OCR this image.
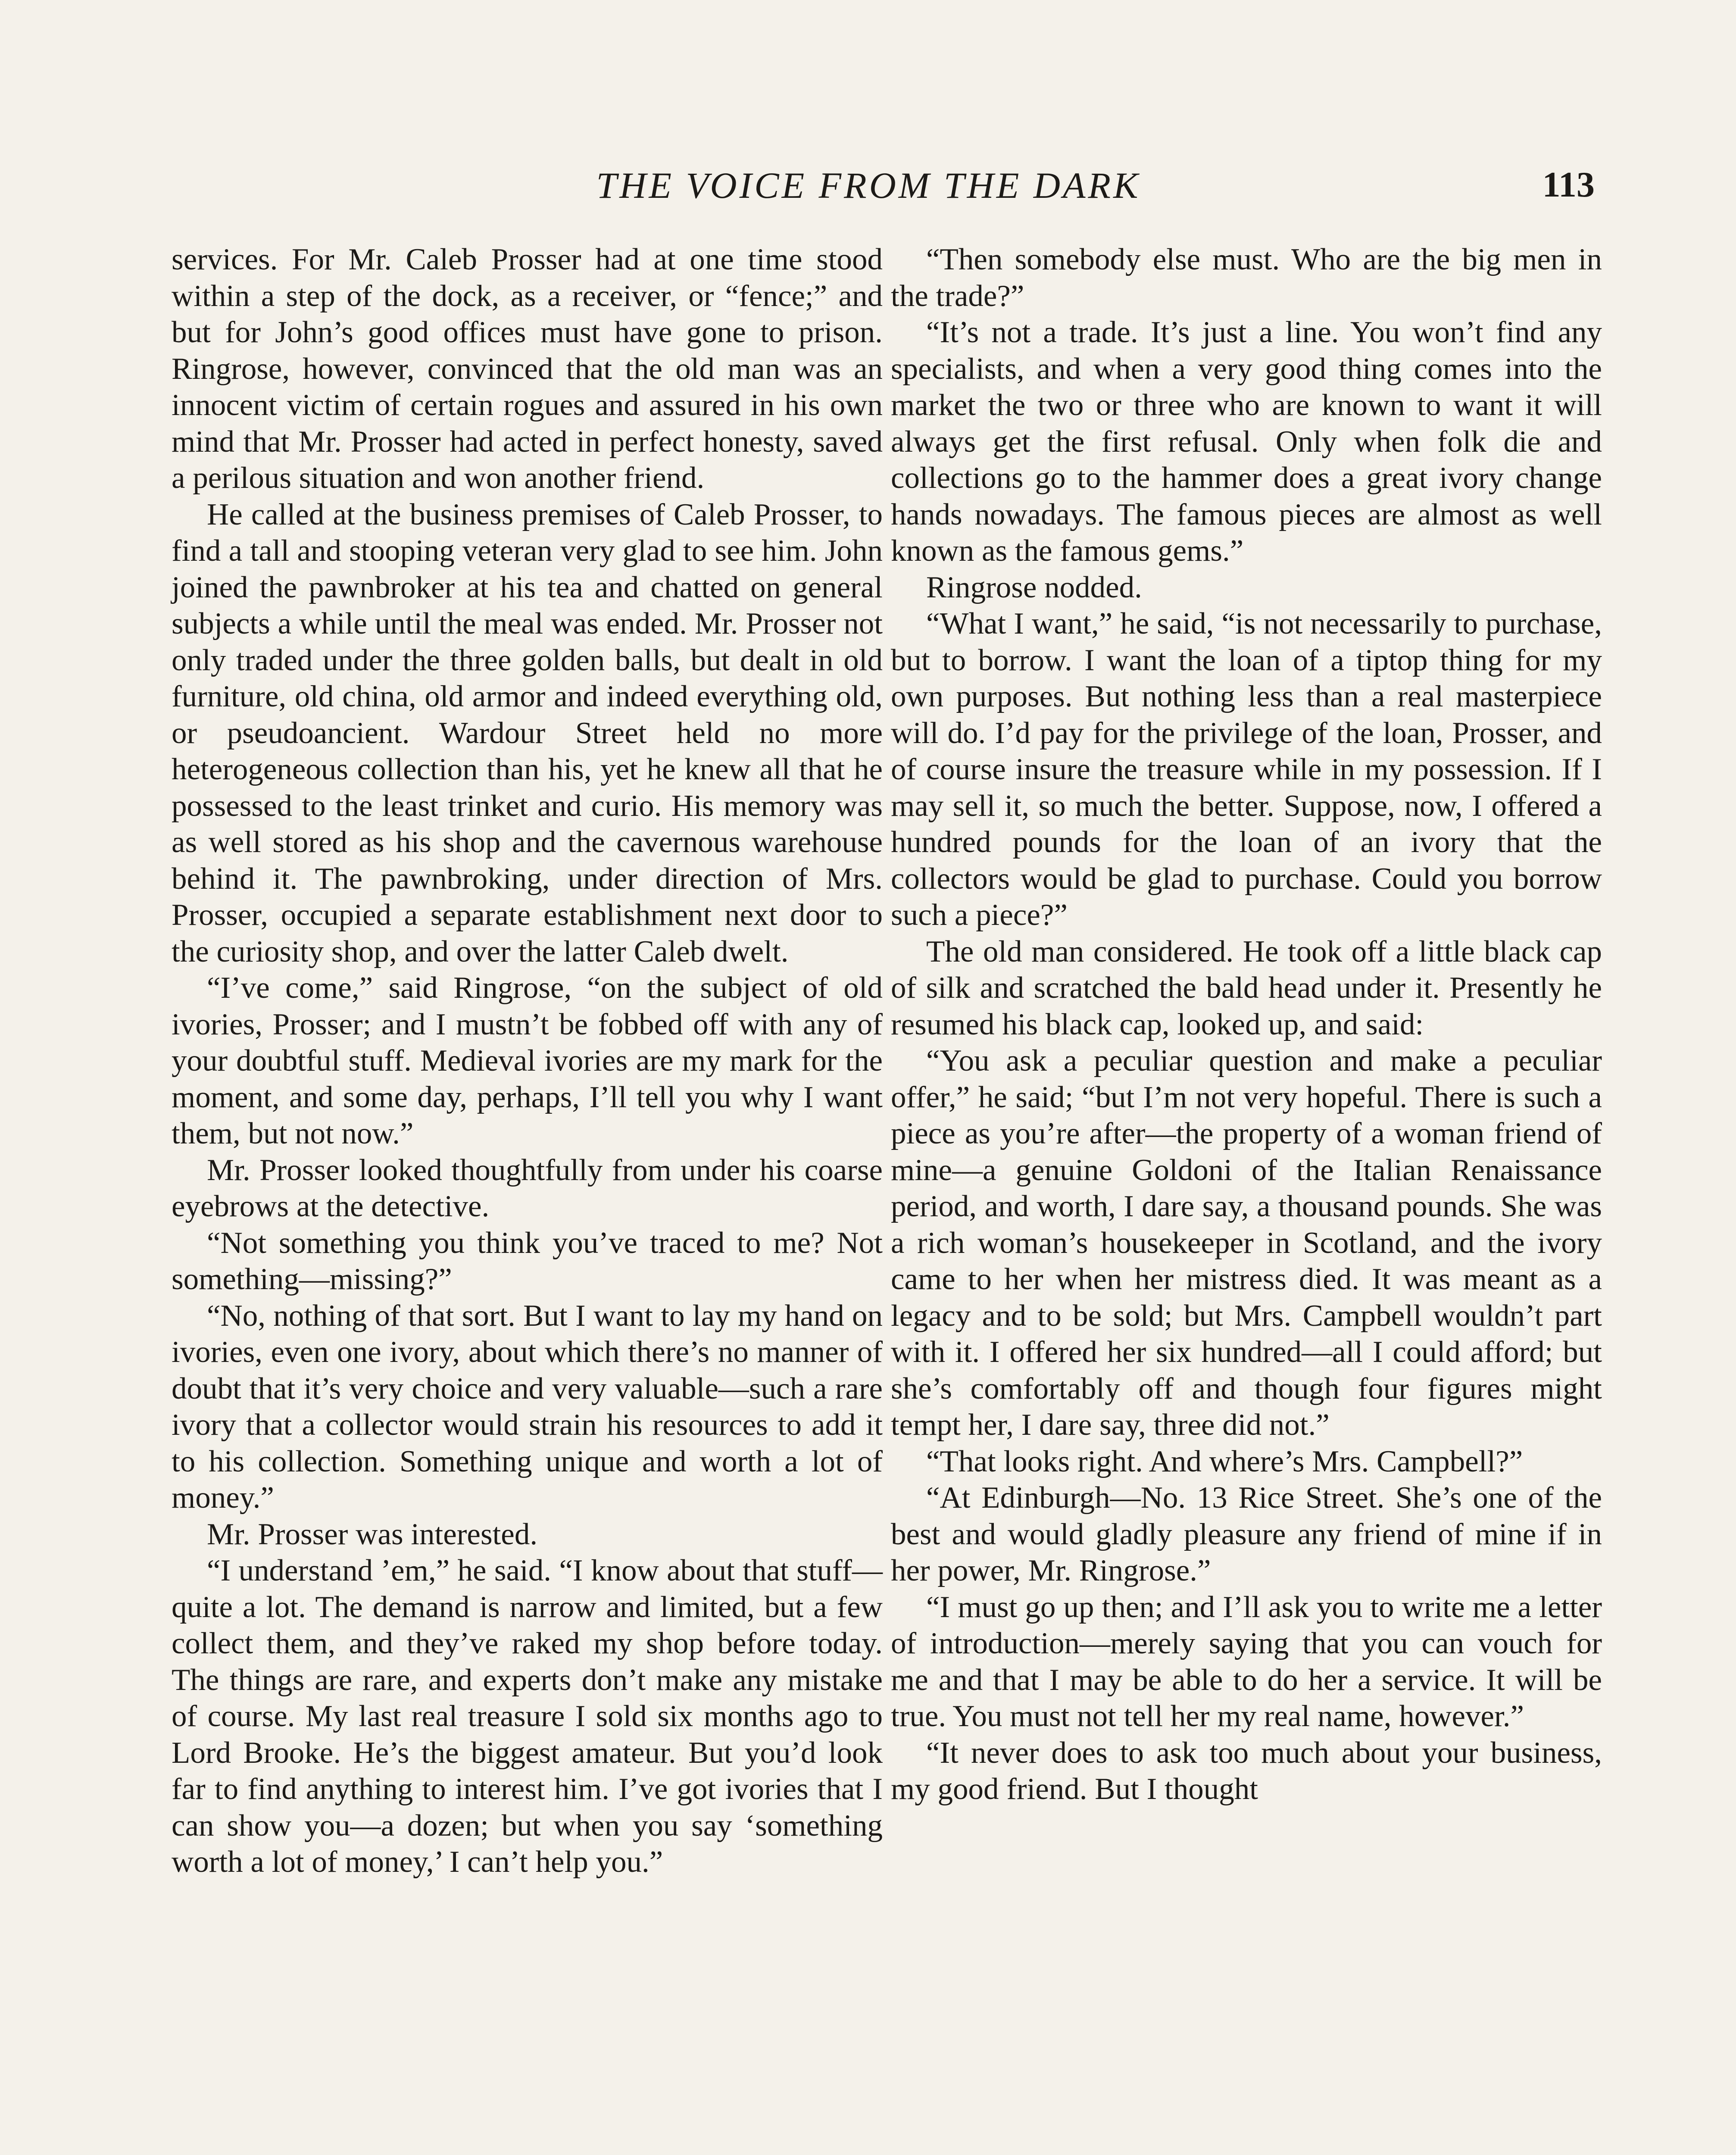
THE VOICE FROM THE DARK	113

services. For Mr. Caleb Prosser had at one time stood within a step of the dock, as a receiver, or “fence;” and but for John’s good offices must have gone to prison. Ringrose, however, convinced that the old man was an innocent victim of certain rogues and assured in his own mind that Mr. Prosser had acted in perfect honesty, saved a perilous situation and won another friend.

He called at the business premises of Caleb Prosser, to find a tall and stooping veteran very glad to see him. John joined the pawnbroker at his tea and chatted on general subjects a while until the meal was ended. Mr. Prosser not only traded under the three golden balls, but dealt in old furniture, old china, old armor and indeed everything old, or pseudoancient. Wardour Street held no more heterogeneous collection than his, yet he knew all that he possessed to the least trinket and curio. His memory was as well stored as his shop and the cavernous warehouse behind it. The pawnbroking, under direction of Mrs. Prosser, occupied a separate establishment next door to the curiosity shop, and over the latter Caleb dwelt.

“I’ve come,” said Ringrose, “on the subject of old ivories, Prosser; and I mustn’t be fobbed off with any of your doubtful stuff. Medieval ivories are my mark for the moment, and some day, perhaps, I’ll tell you why I want them, but not now.”

Mr. Prosser looked thoughtfully from under his coarse eyebrows at the detective.

“Not something you think you’ve traced to me? Not something—missing?”

“No, nothing of that sort. But I want to lay my hand on ivories, even one ivory, about which there’s no manner of doubt that it’s very choice and very valuable—such a rare ivory that a collector would strain his resources to add it to his collection. Something unique and worth a lot of money.”

Mr. Prosser was interested.

“I understand ’em,” he said. “I know about that stuff—quite a lot. The demand is narrow and limited, but a few collect them, and they’ve raked my shop before today. The things are rare, and experts don’t make any mistake of course. My last real treasure I sold six months ago to Lord Brooke. He’s the biggest amateur. But you’d look far to find anything to interest him. I’ve got ivories that I can show you—a dozen; but when you say ‘something worth a lot of money,’ I can’t help you.”

“Then somebody else must. Who are the big men in the trade?”

“It’s not a trade. It’s just a line. You won’t find any specialists, and when a very good thing comes into the market the two or three who are known to want it will always get the first refusal. Only when folk die and collections go to the hammer does a great ivory change hands nowadays. The famous pieces are almost as well known as the famous gems.”

Ringrose nodded.

“What I want,” he said, “is not necessarily to purchase, but to borrow. I want the loan of a tiptop thing for my own purposes. But nothing less than a real masterpiece will do. I’d pay for the privilege of the loan, Prosser, and of course insure the treasure while in my possession. If I may sell it, so much the better. Suppose, now, I offered a hundred pounds for the loan of an ivory that the collectors would be glad to purchase. Could you borrow such a piece?”

The old man considered. He took off a little black cap of silk and scratched the bald head under it. Presently he resumed his black cap, looked up, and said:

“You ask a peculiar question and make a peculiar offer,” he said; “but I’m not very hopeful. There is such a piece as you’re after—the property of a woman friend of mine—a genuine Goldoni of the Italian Renaissance period, and worth, I dare say, a thousand pounds. She was a rich woman’s housekeeper in Scotland, and the ivory came to her when her mistress died. It was meant as a legacy and to be sold; but Mrs. Campbell wouldn’t part with it. I offered her six hundred—all I could afford; but she’s comfortably off and though four figures might tempt her, I dare say, three did not.”

“That looks right. And where’s Mrs. Campbell?”

“At Edinburgh—No. 13 Rice Street. She’s one of the best and would gladly pleasure any friend of mine if in her power, Mr. Ringrose.”

“I must go up then; and I’ll ask you to write me a letter of introduction—merely saying that you can vouch for me and that I may be able to do her a service. It will be true. You must not tell her my real name, however.”

“It never does to ask too much about your business, my good friend. But I thought
